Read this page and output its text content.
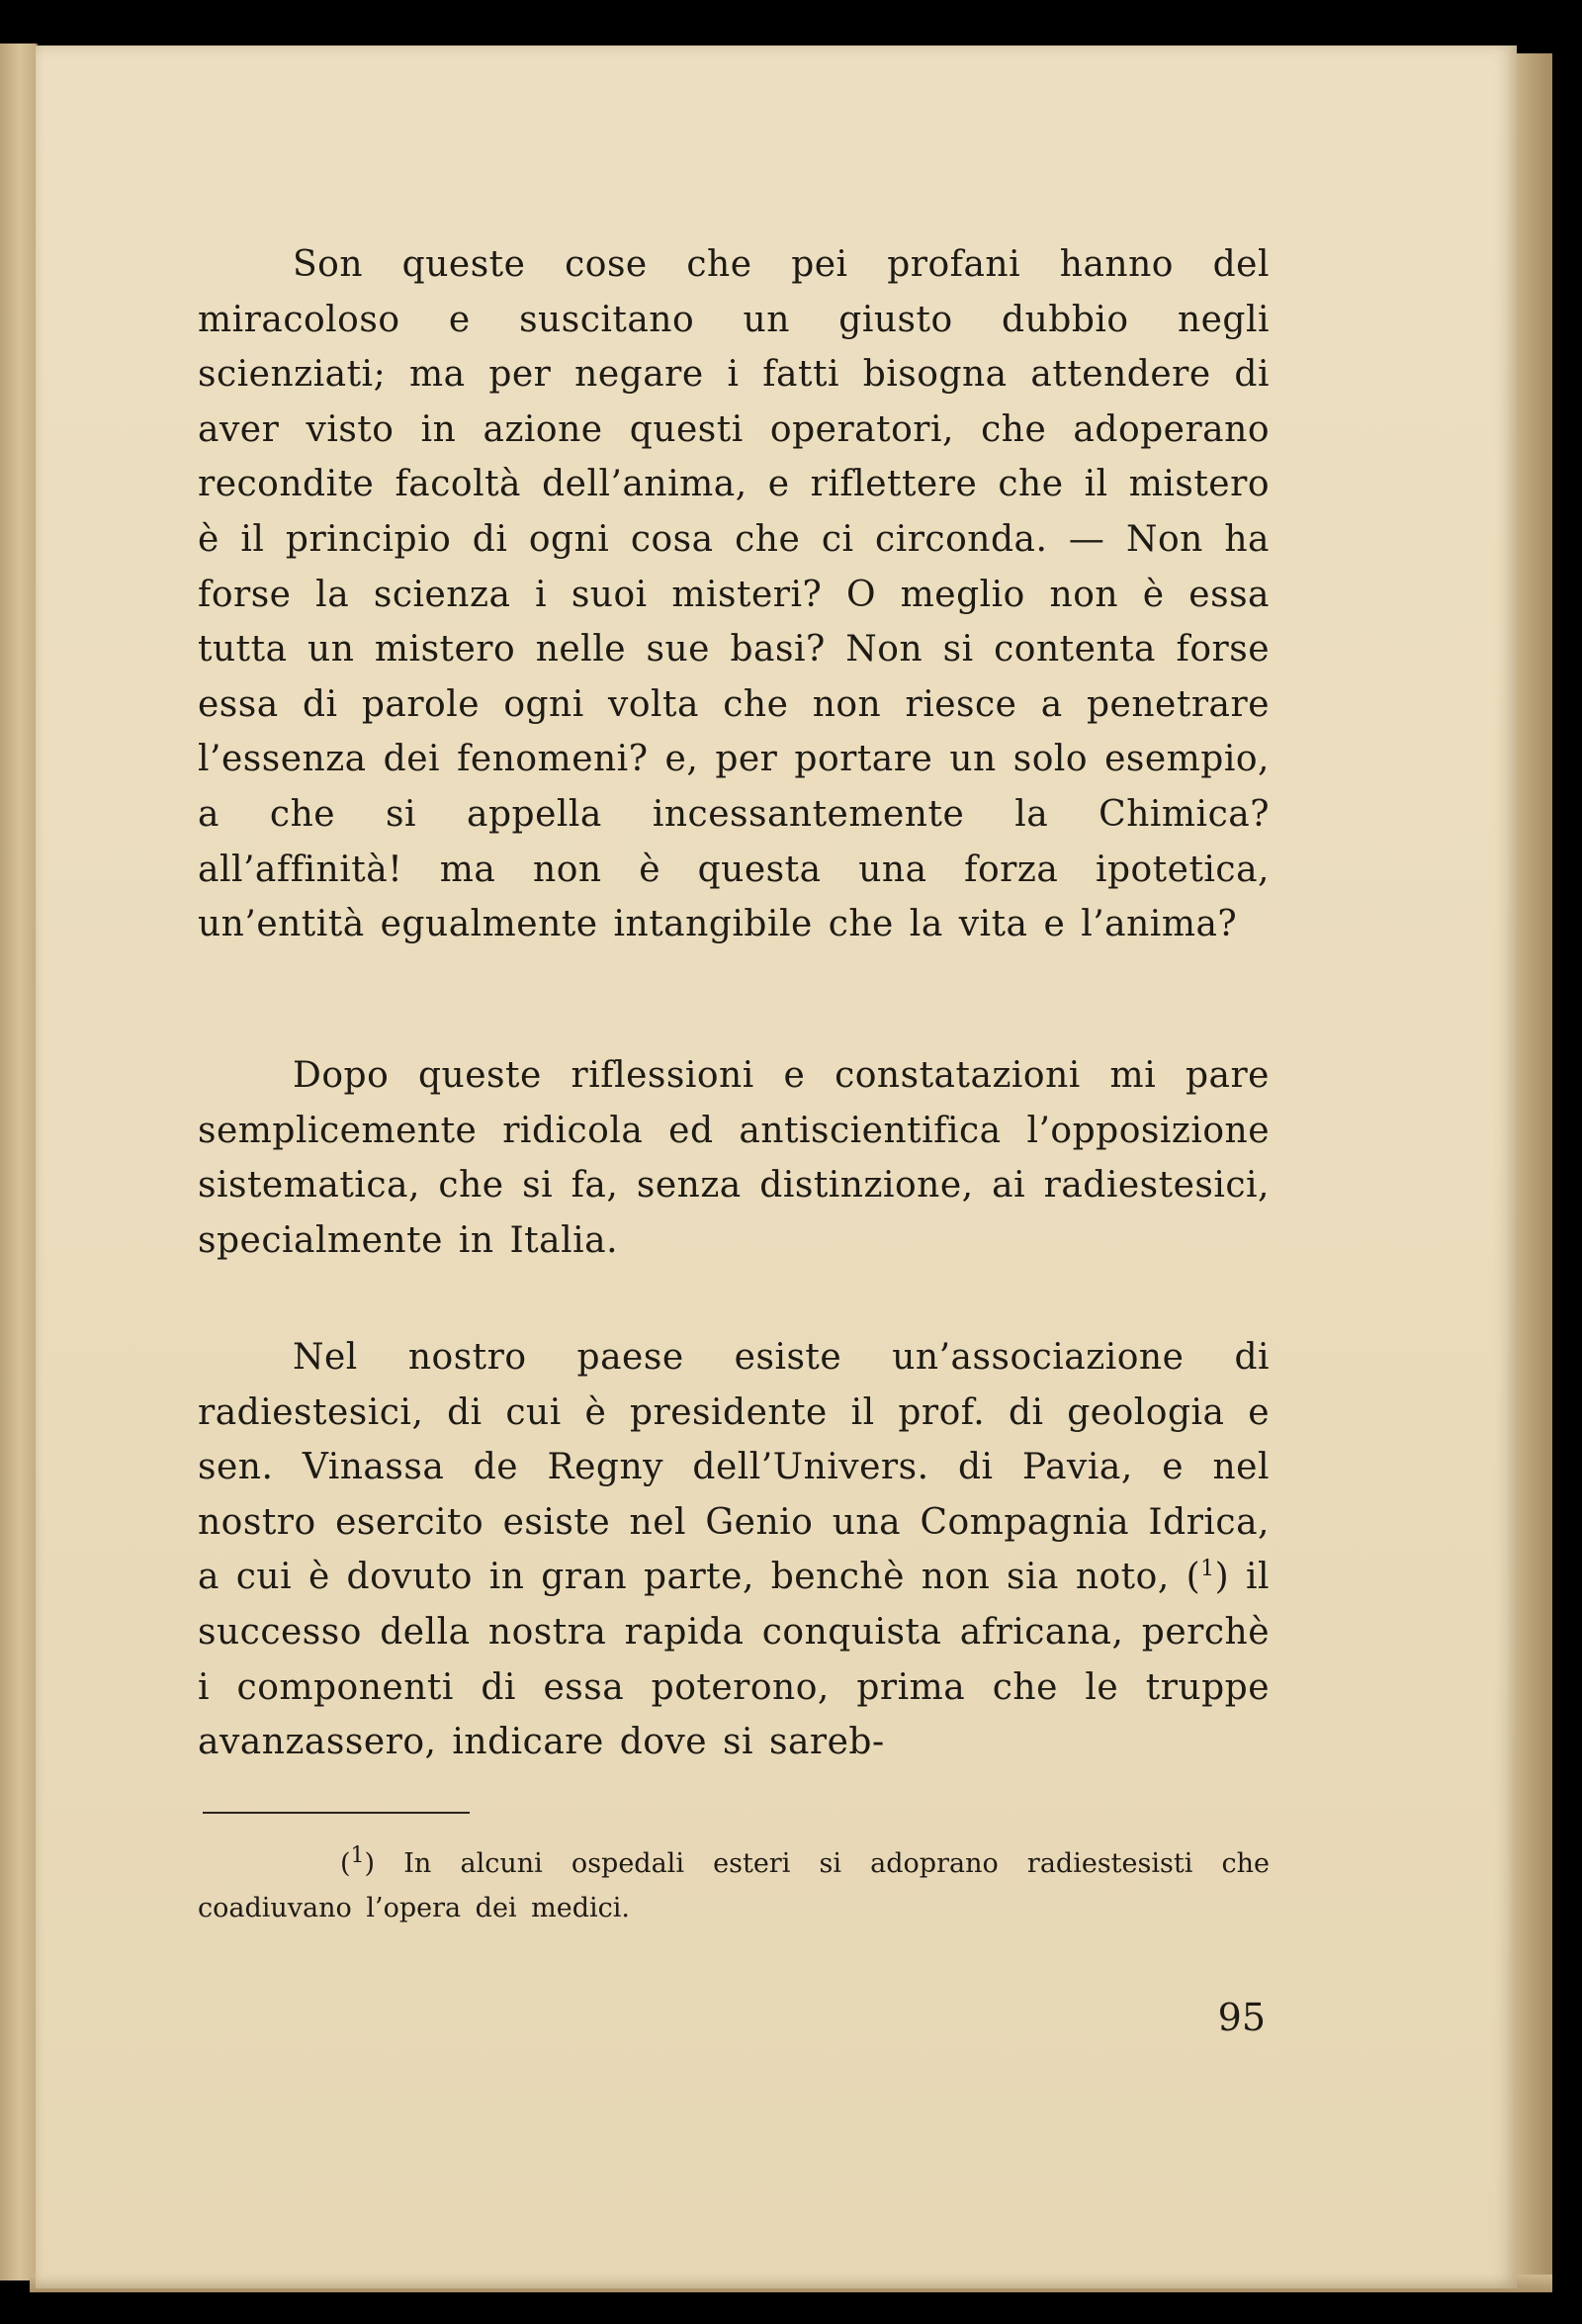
Son queste cose che pei profani hanno del miracoloso e suscitano un giusto dubbio negli scienziati; ma per negare i fatti bisogna attendere di aver visto in azione questi operatori, che adoperano recondite facoltà dell’anima, e riflettere che il mistero è il principio di ogni cosa che ci circonda. — Non ha forse la scienza i suoi misteri? O meglio non è essa tutta un mistero nelle sue basi? Non si contenta forse essa di parole ogni volta che non riesce a penetrare l’essenza dei fenomeni? e, per portare un solo esempio, a che si appella incessantemente la Chimica? all’affinità! ma non è questa una forza ipotetica, un’entità egualmente intangibile che la vita e l’anima?

Dopo queste riflessioni e constatazioni mi pare semplicemente ridicola ed antiscientifica l’opposizione sistematica, che si fa, senza distinzione, ai radiestesici, specialmente in Italia.

Nel nostro paese esiste un’associazione di radiestesici, di cui è presidente il prof. di geologia e sen. Vinassa de Regny dell’Univers. di Pavia, e nel nostro esercito esiste nel Genio una Compagnia Idrica, a cui è dovuto in gran parte, benchè non sia noto, ($^1$) il successo della nostra rapida conquista africana, perchè i componenti di essa poterono, prima che le truppe avanzassero, indicare dove si sareb-

($^1$) In alcuni ospedali esteri si adoprano radiestesisti che coadiuvano l’opera dei medici.

95
